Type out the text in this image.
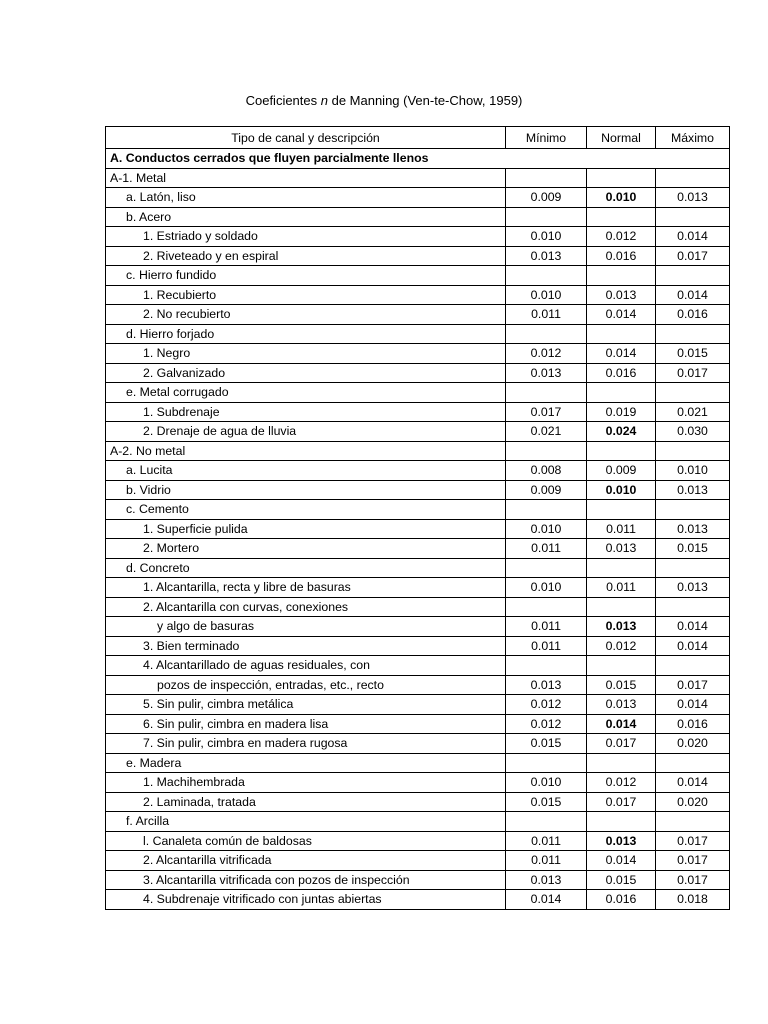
Coeficientes n de Manning (Ven-te-Chow, 1959)
Tipo de canal y descripción	Mínimo	Normal	Máximo
A. Conductos cerrados que fluyen parcialmente llenos			
A-1. Metal			
a. Latón, liso	0.009	0.010	0.013
b. Acero			
1. Estriado y soldado	0.010	0.012	0.014
2. Riveteado y en espiral	0.013	0.016	0.017
c. Hierro fundido			
1. Recubierto	0.010	0.013	0.014
2. No recubierto	0.011	0.014	0.016
d. Hierro forjado			
1. Negro	0.012	0.014	0.015
2. Galvanizado	0.013	0.016	0.017
e. Metal corrugado			
1. Subdrenaje	0.017	0.019	0.021
2. Drenaje de agua de lluvia	0.021	0.024	0.030
A-2. No metal			
a. Lucita	0.008	0.009	0.010
b. Vidrio	0.009	0.010	0.013
c. Cemento			
1. Superficie pulida	0.010	0.011	0.013
2. Mortero	0.011	0.013	0.015
d. Concreto			
1. Alcantarilla, recta y libre de basuras	0.010	0.011	0.013
2. Alcantarilla con curvas, conexiones			
y algo de basuras	0.011	0.013	0.014
3. Bien terminado	0.011	0.012	0.014
4. Alcantarillado de aguas residuales, con			
pozos de inspección, entradas, etc., recto	0.013	0.015	0.017
5. Sin pulir, cimbra metálica	0.012	0.013	0.014
6. Sin pulir, cimbra en madera lisa	0.012	0.014	0.016
7. Sin pulir, cimbra en madera rugosa	0.015	0.017	0.020
e. Madera			
1. Machihembrada	0.010	0.012	0.014
2. Laminada, tratada	0.015	0.017	0.020
f. Arcilla			
l. Canaleta común de baldosas	0.011	0.013	0.017
2. Alcantarilla vitrificada	0.011	0.014	0.017
3. Alcantarilla vitrificada con pozos de inspección	0.013	0.015	0.017
4. Subdrenaje vitrificado con juntas abiertas	0.014	0.016	0.018
